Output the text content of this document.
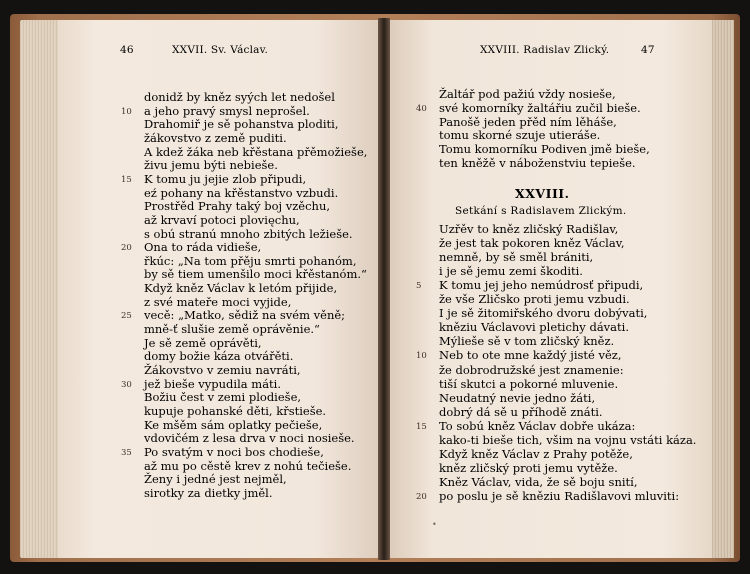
46	XXVII. Sv. Václav.	XXVIII. Radislav Zlický.	47
donidž by kněz syých let nedošel
a jeho pravý smysl neprošel.
10
Drahomiř je sě pohanstva ploditi,
žákovstvo z země puditi.
A kdež žáka neb křěstana přěmožieše,
živu jemu býti nebieše.
K tomu ju jejie zlob připudi,
15
eź pohany na křěstanstvo vzbudi.
Prostřěd Prahy taký boj vzěchu,
až krvaví potoci plovięchu,
s obú stranú mnoho zbitých ležieše.
Ona to ráda vidieše,
20
řkúc: „Na tom přěju smrti pohanóm,
by sě tiem umenšilo moci křěstanóm.“
Když kněz Václav k letóm přijide,
z své mateře moci vyjide,
vecě: „Matko, sědiž na svém věně;
25
mně-ť slušie země oprávěnie.“
Je sě země oprávěti,
domy božie káza otvářěti.
Žákovstvo v zemiu navráti,
jež bieše vypudila máti.
30
Božiu čest v zemi plodieše,
kupuje pohanské děti, křstieše.
Ke mšěm sám oplatky pečieše,
vdovičém z lesa drva v noci nosieše.
Po svatým v noci bos chodieše,
35
až mu po cěstě krev z nohú tečieše.
Ženy i jedné jest nejměl,
sirotky za dietky jměl.
Žaltář pod pažiú vždy nosieše,
své komorníky žaltářiu zučil bieše.
40
Panošě jeden přěd ním lěháše,
tomu skorné szuje utieráše.
Tomu komorníku Podiven jmě bieše,
ten kněžě v náboženstviu tepieše.
XXVIII.
Setkání s Radislavem Zlickým.
Uzřěv to kněz zličský Radišlav,
že jest tak pokoren kněz Václav,
nemně, by sě směl brániti,
i je sě jemu zemi škoditi.
K tomu jej jeho nemúdrosť připudi,
5
že vše Zličsko proti jemu vzbudi.
I je sě žitomiřského dvoru dobývati,
kněziu Václavovi pletichy dávati.
Mýlieše sě v tom zličský kněz.
Neb to ote mne každý jisté věz,
10
že dobrodružské jest znamenie:
tiší skutci a pokorné mluvenie.
Neudatný nevie jedno žáti,
dobrý dá sě u příhodě znáti.
To sobú kněz Václav dobře ukáza:
15
kako-ti bieše tich, všim na vojnu vstáti káza.
Když kněz Václav z Prahy potěže,
kněz zličský proti jemu vytěže.
Kněz Václav, vida, že sě boju snití,
po poslu je sě kněziu Radišlavovi mluviti:
20
•
